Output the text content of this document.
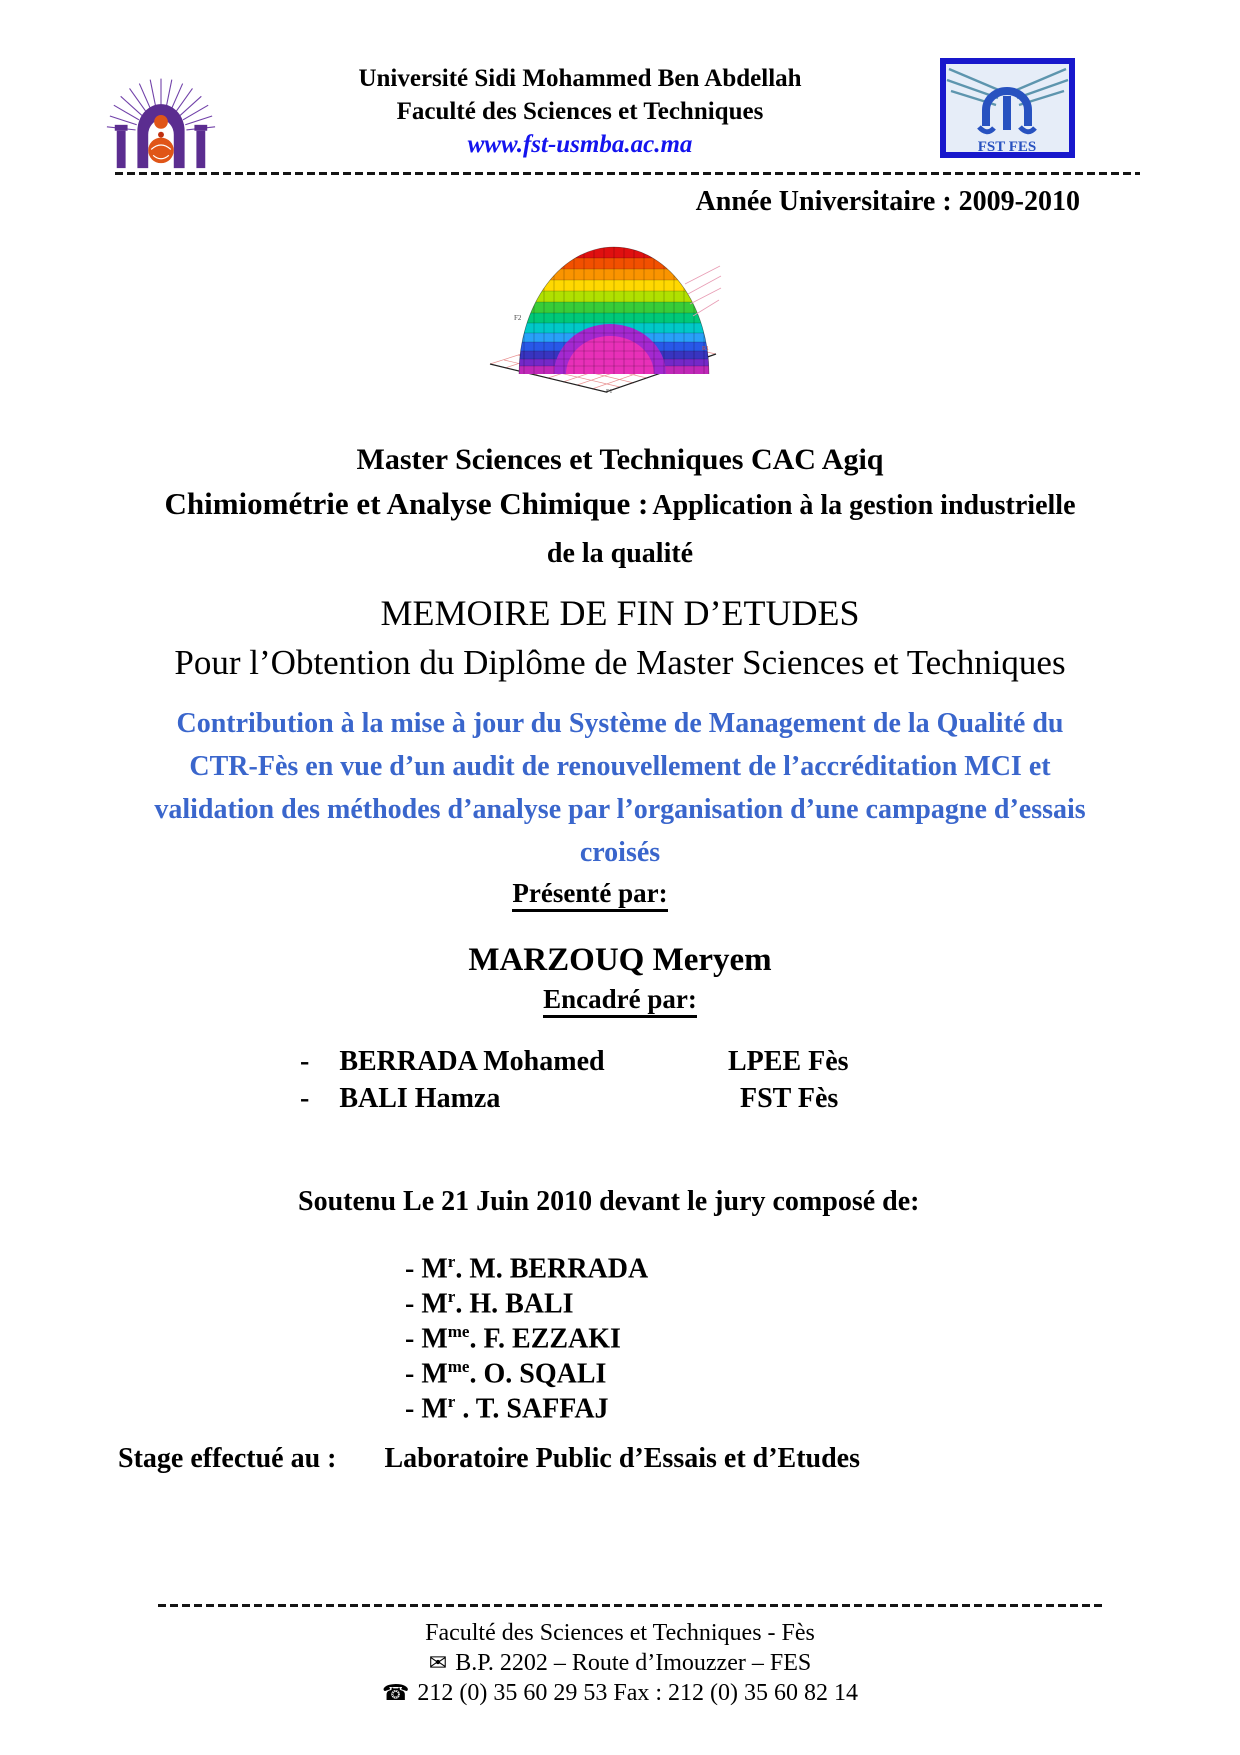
Université Sidi Mohammed Ben Abdellah
Faculté des Sciences et Techniques
www.fst-usmba.ac.ma	FST FES
Année Universitaire : 2009-2010
F2
R1
F1
Master Sciences et Techniques CAC Agiq
Chimiométrie et Analyse Chimique : Application à la gestion industrielle
de la qualité
MEMOIRE DE FIN D’ETUDES
Pour l’Obtention du Diplôme de Master Sciences et Techniques
Contribution à la mise à jour du Système de Management de la Qualité du
CTR-Fès en vue d’un audit de renouvellement de l’accréditation MCI et
validation des méthodes d’analyse par l’organisation d’une campagne d’essais
croisés
Présenté par:
MARZOUQ Meryem
Encadré par:
- BERRADA Mohamed	LPEE Fès
- BALI Hamza	FST Fès
Soutenu Le 21 Juin 2010 devant le jury composé de:
- $M^r$. M. BERRADA
- $M^r$. H. BALI
- $M^{me}$. F. EZZAKI
- $M^{me}$. O. SQALI
- $M^r$ . T. SAFFAJ
Stage effectué au : Laboratoire Public d’Essais et d’Etudes
Faculté des Sciences et Techniques - Fès
✉ B.P. 2202 – Route d’Imouzzer – FES
☎ 212 (0) 35 60 29 53 Fax : 212 (0) 35 60 82 14
